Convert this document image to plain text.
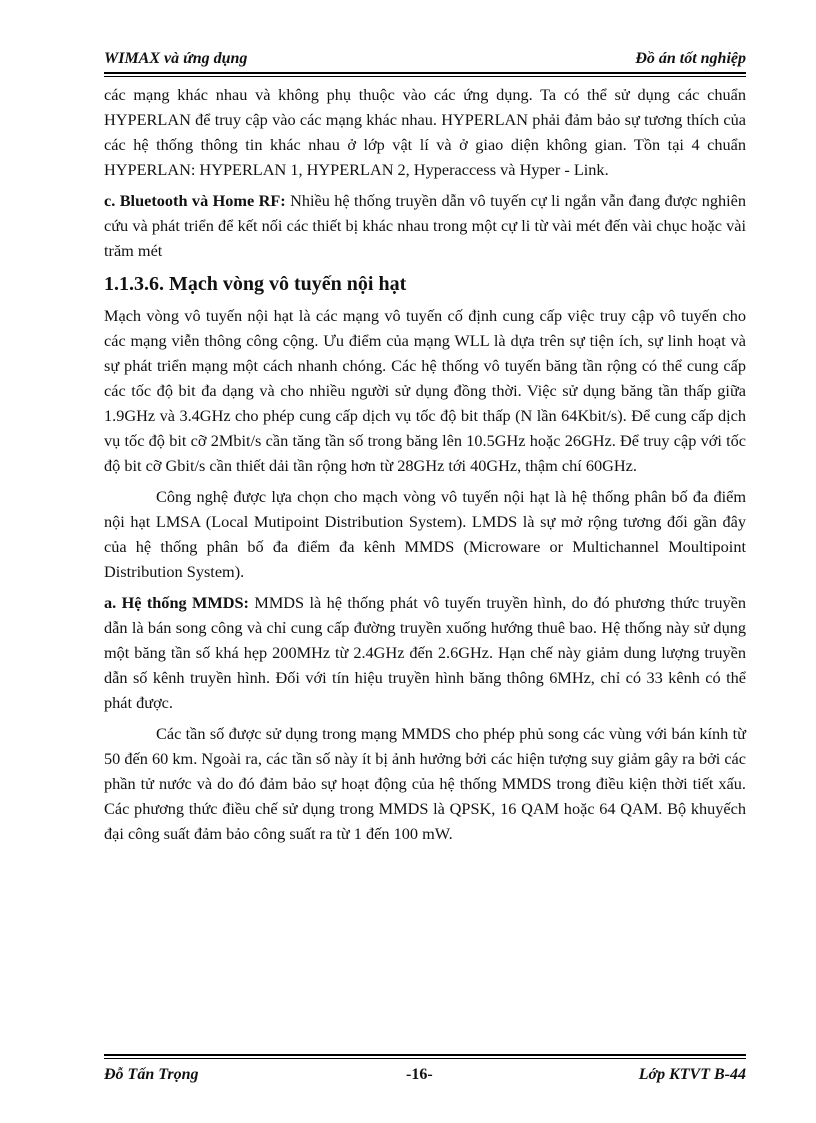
WIMAX và ứng dụng	Đồ án tốt nghiệp

các mạng khác nhau và không phụ thuộc vào các ứng dụng. Ta có thể sử dụng các chuẩn HYPERLAN để truy cập vào các mạng khác nhau. HYPERLAN phải đảm bảo sự tương thích của các hệ thống thông tin khác nhau ở lớp vật lí và ở giao diện không gian. Tồn tại 4 chuẩn HYPERLAN: HYPERLAN 1, HYPERLAN 2, Hyperaccess và Hyper - Link.

c. Bluetooth và Home RF: Nhiều hệ thống truyền dẫn vô tuyến cự li ngắn vẫn đang được nghiên cứu và phát triển để kết nối các thiết bị khác nhau trong một cự li từ vài mét đến vài chục hoặc vài trăm mét

1.1.3.6. Mạch vòng vô tuyến nội hạt

Mạch vòng vô tuyến nội hạt là các mạng vô tuyến cố định cung cấp việc truy cập vô tuyến cho các mạng viễn thông công cộng. Ưu điểm của mạng WLL là dựa trên sự tiện ích, sự linh hoạt và sự phát triển mạng một cách nhanh chóng. Các hệ thống vô tuyến băng tần rộng có thể cung cấp các tốc độ bit đa dạng và cho nhiều người sử dụng đồng thời. Việc sử dụng băng tần thấp giữa 1.9GHz và 3.4GHz cho phép cung cấp dịch vụ tốc độ bit thấp (N lần 64Kbit/s). Để cung cấp dịch vụ tốc độ bit cỡ 2Mbit/s cần tăng tần số trong băng lên 10.5GHz hoặc 26GHz. Để truy cập với tốc độ bit cỡ Gbit/s cần thiết dải tần rộng hơn từ 28GHz tới 40GHz, thậm chí 60GHz.

Công nghệ được lựa chọn cho mạch vòng vô tuyến nội hạt là hệ thống phân bố đa điểm nội hạt LMSA (Local Mutipoint Distribution System). LMDS là sự mở rộng tương đối gần đây của hệ thống phân bố đa điểm đa kênh MMDS (Microware or Multichannel Moultipoint Distribution System).

a. Hệ thống MMDS: MMDS là hệ thống phát vô tuyến truyền hình, do đó phương thức truyền dẫn là bán song công và chỉ cung cấp đường truyền xuống hướng thuê bao. Hệ thống này sử dụng một băng tần số khá hẹp 200MHz từ 2.4GHz đến 2.6GHz. Hạn chế này giảm dung lượng truyền dẫn số kênh truyền hình. Đối với tín hiệu truyền hình băng thông 6MHz, chỉ có 33 kênh có thể phát được.

Các tần số được sử dụng trong mạng MMDS cho phép phủ song các vùng với bán kính từ 50 đến 60 km. Ngoài ra, các tần số này ít bị ảnh hưởng bởi các hiện tượng suy giảm gây ra bởi các phần tử nước và do đó đảm bảo sự hoạt động của hệ thống MMDS trong điều kiện thời tiết xấu. Các phương thức điều chế sử dụng trong MMDS là QPSK, 16 QAM hoặc 64 QAM. Bộ khuyếch đại công suất đảm bảo công suất ra từ 1 đến 100 mW.

Đỗ Tấn Trọng	-16-	Lớp KTVT B-44
